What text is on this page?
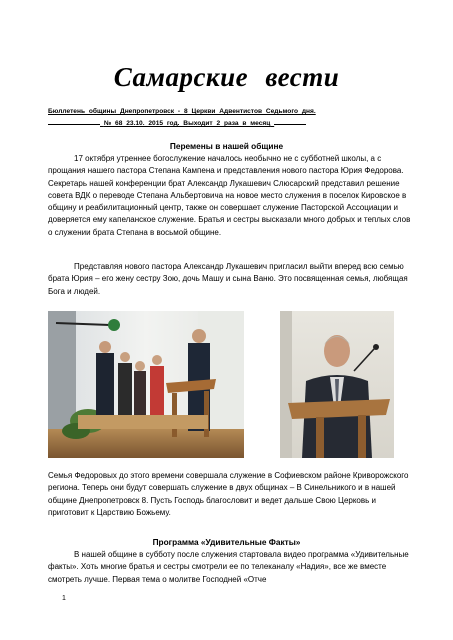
Самарские вести
Бюллетень общины Днепропетровск - 8 Церкви Адвентистов Седьмого дня.
№ 68 23.10. 2015 год. Выходит 2 раза в месяц
Перемены в нашей общине
17 октября утреннее богослужение началось необычно не с субботней школы, а с прощания нашего пастора Степана Кампена и представления нового пастора Юрия Федорова. Секретарь нашей конференции брат Александр Лукашевич Слюсарский представил решение совета ВДК о переводе Степана Альбертовича на новое место служения в поселок Кировское в общину и реабилитационный центр, также он совершает служение Пасторской Ассоциации и доверяется ему капеланское служение. Братья и сестры высказали много добрых и теплых слов о служении брата Степана в восьмой общине.
Представляя нового пастора Александр Лукашевич пригласил выйти вперед всю семью брата Юрия – его жену сестру Зою, дочь Машу и сына Ваню. Это посвященная семья, любящая Бога и людей.
Семья Федоровых до этого времени совершала служение в Софиевском районе Криворожского региона. Теперь они будут совершать служение в двух общинах – В Синельникого и в нашей общине Днепропетровск 8. Пусть Господь благословит и ведет дальше Свою Церковь и приготовит к Царствию Божьему.
Программа «Удивительные Факты»
В нашей общине в субботу после служения стартовала видео программа «Удивительные факты». Хоть многие братья и сестры смотрели ее по телеканалу «Надия», все же вместе смотреть лучше. Первая тема о молитве Господней «Отче
1
